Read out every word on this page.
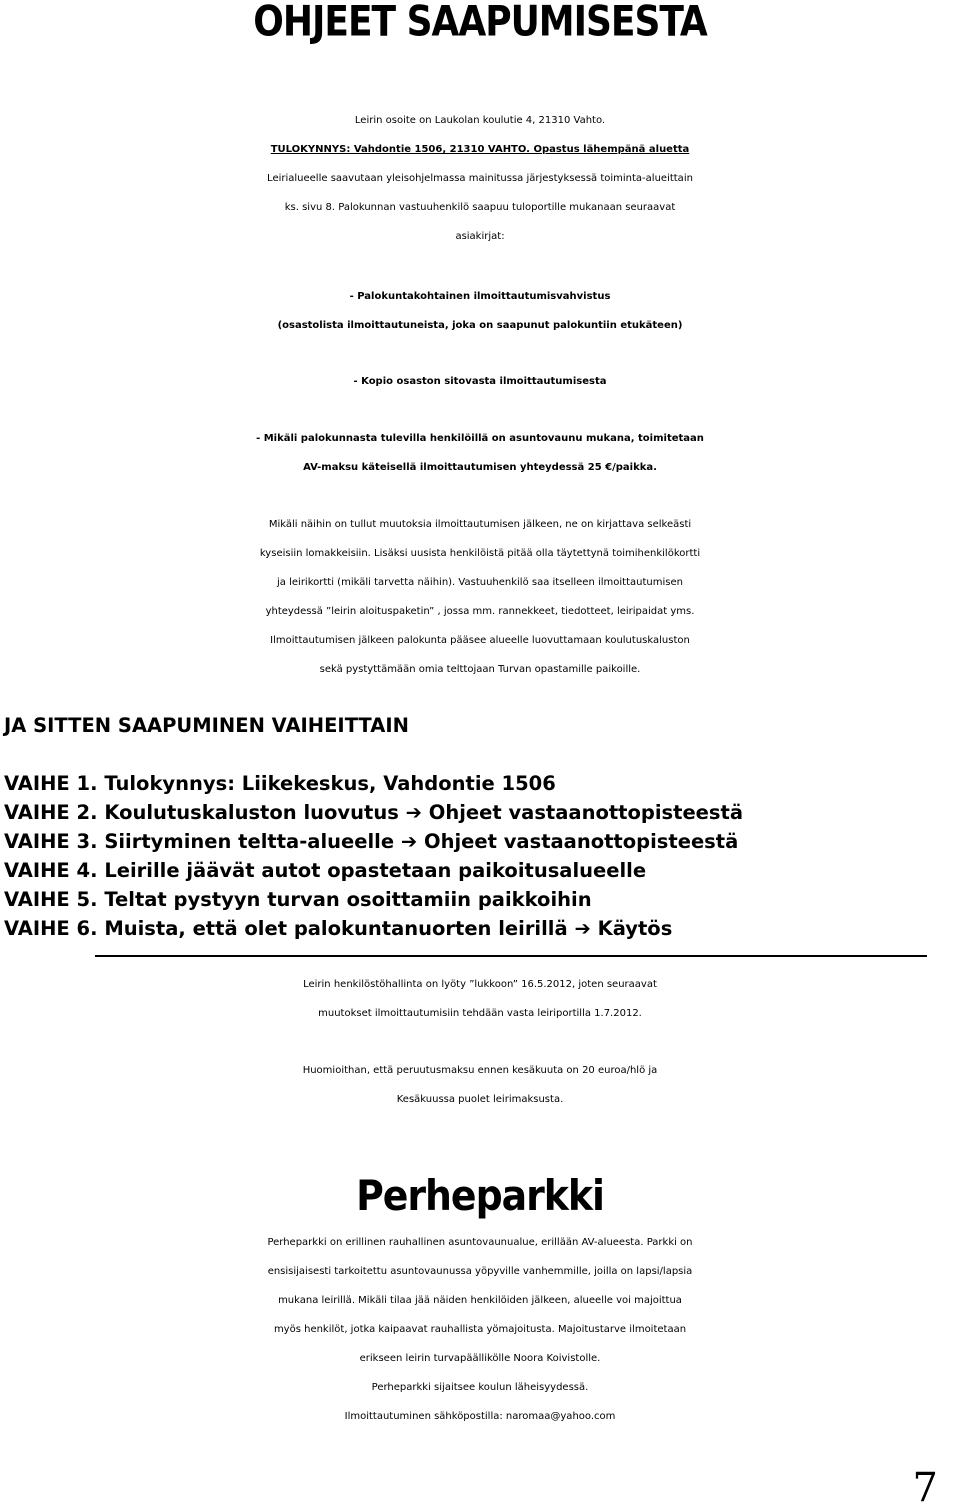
OHJEET SAAPUMISESTA
Leirin osoite on Laukolan koulutie 4, 21310 Vahto.
TULOKYNNYS: Vahdontie 1506, 21310 VAHTO. Opastus lähempänä aluetta
Leirialueelle saavutaan yleisohjelmassa mainitussa järjestyksessä toiminta-alueittain
ks. sivu 8. Palokunnan vastuuhenkilö saapuu tuloportille mukanaan seuraavat
asiakirjat:
- Palokuntakohtainen ilmoittautumisvahvistus
(osastolista ilmoittautuneista, joka on saapunut palokuntiin etukäteen)
- Kopio osaston sitovasta ilmoittautumisesta
- Mikäli palokunnasta tulevilla henkilöillä on asuntovaunu mukana, toimitetaan
AV-maksu käteisellä ilmoittautumisen yhteydessä 25 €/paikka.
Mikäli näihin on tullut muutoksia ilmoittautumisen jälkeen, ne on kirjattava selkeästi
kyseisiin lomakkeisiin. Lisäksi uusista henkilöistä pitää olla täytettynä toimihenkilökortti
ja leirikortti (mikäli tarvetta näihin). Vastuuhenkilö saa itselleen ilmoittautumisen
yhteydessä ”leirin aloituspaketin” , jossa mm. rannekkeet, tiedotteet, leiripaidat yms.
Ilmoittautumisen jälkeen palokunta pääsee alueelle luovuttamaan koulutuskaluston
sekä pystyttämään omia telttojaan Turvan opastamille paikoille.
JA SITTEN SAAPUMINEN VAIHEITTAIN
VAIHE 1. Tulokynnys: Liikekeskus, Vahdontie 1506
VAIHE 2. Koulutuskaluston luovutus ➔ Ohjeet vastaanottopisteestä
VAIHE 3. Siirtyminen teltta-alueelle ➔ Ohjeet vastaanottopisteestä
VAIHE 4. Leirille jäävät autot opastetaan paikoitusalueelle
VAIHE 5. Teltat pystyyn turvan osoittamiin paikkoihin
VAIHE 6. Muista, että olet palokuntanuorten leirillä ➔ Käytös
Leirin henkilöstöhallinta on lyöty ”lukkoon” 16.5.2012, joten seuraavat
muutokset ilmoittautumisiin tehdään vasta leiriportilla 1.7.2012.
Huomioithan, että peruutusmaksu ennen kesäkuuta on 20 euroa/hlö ja
Kesäkuussa puolet leirimaksusta.
Perheparkki
Perheparkki on erillinen rauhallinen asuntovaunualue, erillään AV-alueesta. Parkki on
ensisijaisesti tarkoitettu asuntovaunussa yöpyville vanhemmille, joilla on lapsi/lapsia
mukana leirillä. Mikäli tilaa jää näiden henkilöiden jälkeen, alueelle voi majoittua
myös henkilöt, jotka kaipaavat rauhallista yömajoitusta. Majoitustarve ilmoitetaan
erikseen leirin turvapäällikölle Noora Koivistolle.
Perheparkki sijaitsee koulun läheisyydessä.
Ilmoittautuminen sähköpostilla: naromaa@yahoo.com
7
